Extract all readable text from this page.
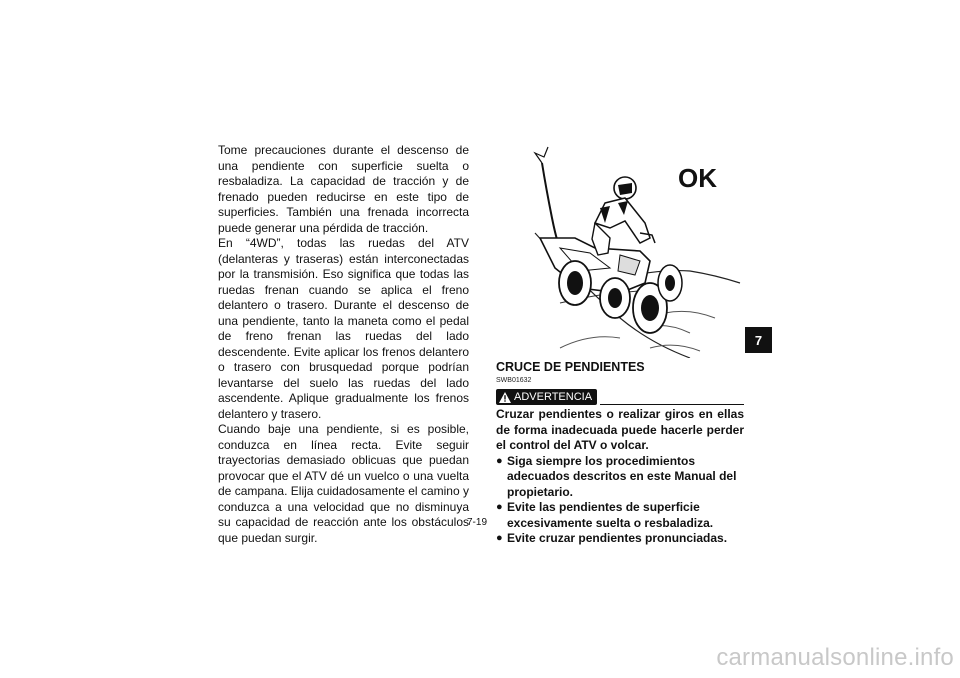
Tome precauciones durante el descenso de una pendiente con superficie suelta o resbaladiza. La capacidad de tracción y de frenado pueden reducirse en este tipo de superficies. También una frenada incorrecta puede generar una pérdida de tracción.

En “4WD”, todas las ruedas del ATV (delanteras y traseras) están interconectadas por la transmisión. Eso significa que todas las ruedas frenan cuando se aplica el freno delantero o trasero. Durante el descenso de una pendiente, tanto la maneta como el pedal de freno frenan las ruedas del lado descendente. Evite aplicar los frenos delantero o trasero con brusquedad porque podrían levantarse del suelo las ruedas del lado ascendente. Aplique gradualmente los frenos delantero y trasero.

Cuando baje una pendiente, si es posible, conduzca en línea recta. Evite seguir trayectorias demasiado oblicuas que puedan provocar que el ATV dé un vuelco o una vuelta de campana. Elija cuidadosamente el camino y conduzca a una velocidad que no disminuya su capacidad de reacción ante los obstáculos que puedan surgir.

OK

CRUCE DE PENDIENTES

SWB01632
ADVERTENCIA

Cruzar pendientes o realizar giros en ellas de forma inadecuada puede hacerle perder el control del ATV o volcar.

● Siga siempre los procedimientos adecuados descritos en este Manual del propietario.
● Evite las pendientes de superficie excesivamente suelta o resbaladiza.
● Evite cruzar pendientes pronunciadas.
7-19
7
carmanualsonline.info
